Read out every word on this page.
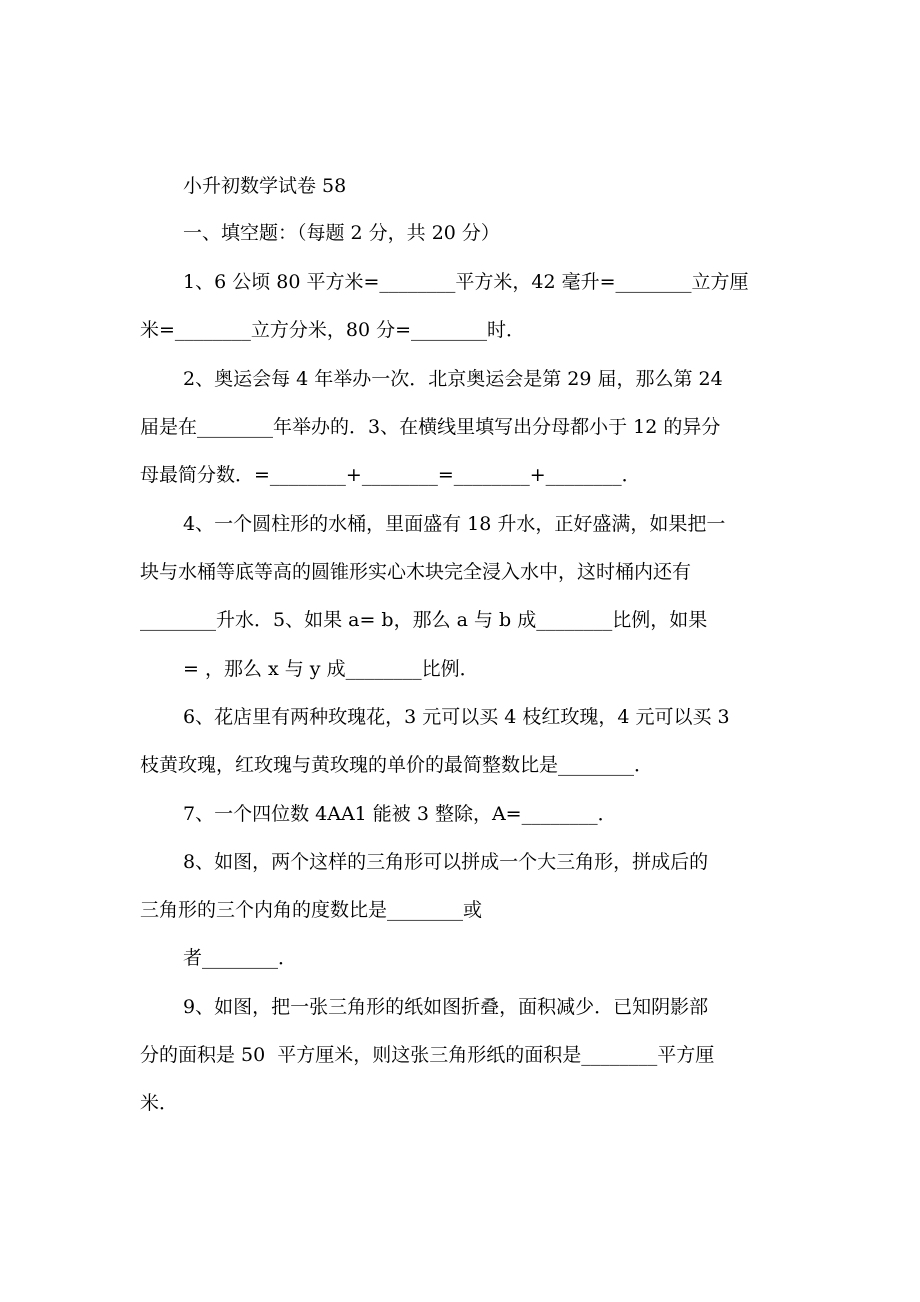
小升初数学试卷 58
一、填空题：（每题 2 分，共 20 分）
1、6 公顷 80 平方米=________平方米，42 毫升=________立方厘
米=________立方分米，80 分=________时．
2、奥运会每 4 年举办一次．北京奥运会是第 29 届，那么第 24
届是在________年举办的．3、在横线里填写出分母都小于 12 的异分
母最简分数．=________+________=________+________．
4、一个圆柱形的水桶，里面盛有 18 升水，正好盛满，如果把一
块与水桶等底等高的圆锥形实心木块完全浸入水中，这时桶内还有
________升水．5、如果 a= b，那么 a 与 b 成________比例，如果
= ，那么 x 与 y 成________比例．
6、花店里有两种玫瑰花，3 元可以买 4 枝红玫瑰，4 元可以买 3
枝黄玫瑰，红玫瑰与黄玫瑰的单价的最简整数比是________．
7、一个四位数 4AA1 能被 3 整除，A=________．
8、如图，两个这样的三角形可以拼成一个大三角形，拼成后的
三角形的三个内角的度数比是________或
者________．
9、如图，把一张三角形的纸如图折叠，面积减少．已知阴影部
分的面积是 50  平方厘米，则这张三角形纸的面积是________平方厘
米．
